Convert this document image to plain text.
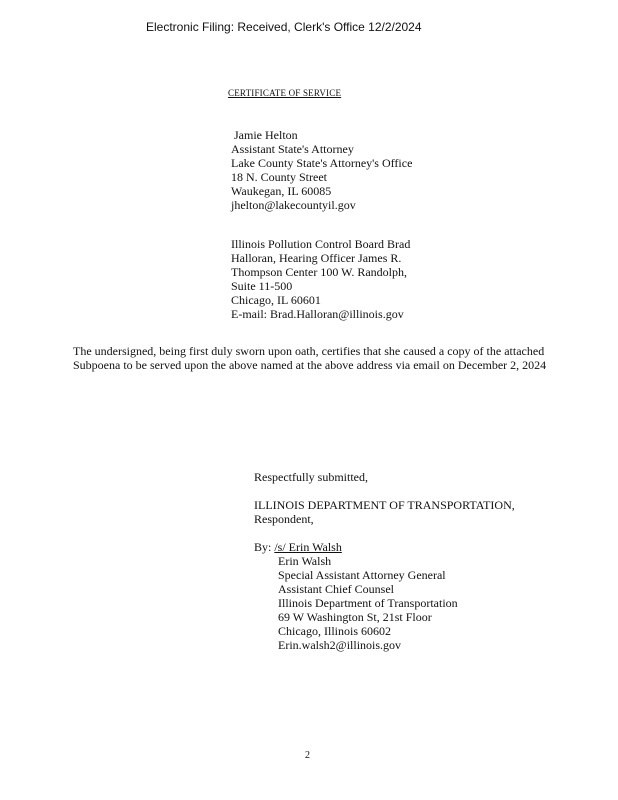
Electronic Filing: Received, Clerk's Office 12/2/2024
CERTIFICATE OF SERVICE
Jamie Helton
Assistant State's Attorney
Lake County State's Attorney's Office
18 N. County Street
Waukegan, IL 60085
jhelton@lakecountyil.gov
Illinois Pollution Control Board Brad
Halloran, Hearing Officer James R.
Thompson Center 100 W. Randolph,
Suite 11-500
Chicago, IL 60601
E-mail: Brad.Halloran@illinois.gov
The undersigned, being first duly sworn upon oath, certifies that she caused a copy of the attached
Subpoena to be served upon the above named at the above address via email on December 2, 2024
Respectfully submitted,
ILLINOIS DEPARTMENT OF TRANSPORTATION,
Respondent,
By: /s/ Erin Walsh
Erin Walsh
Special Assistant Attorney General
Assistant Chief Counsel
Illinois Department of Transportation
69 W Washington St, 21st Floor
Chicago, Illinois 60602
Erin.walsh2@illinois.gov
2
